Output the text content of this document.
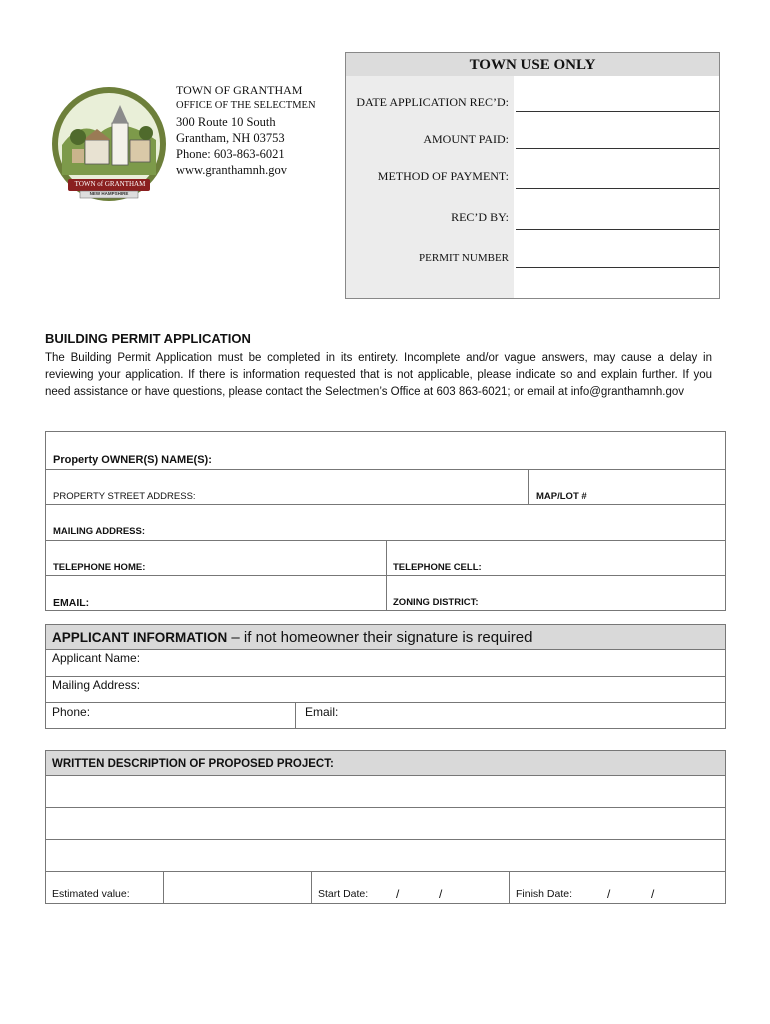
TOWN of GRANTHAM
NEW HAMPSHIRE
TOWN OF GRANTHAM
OFFICE OF THE SELECTMEN
300 Route 10 South
Grantham, NH 03753
Phone: 603-863-6021
www.granthamnh.gov
TOWN USE ONLY
DATE APPLICATION REC’D:
AMOUNT PAID:
METHOD OF PAYMENT:
REC’D BY:
PERMIT NUMBER
BUILDING PERMIT APPLICATION
The Building Permit Application must be completed in its entirety. Incomplete and/or vague answers, may cause a delay in reviewing your application. If there is information requested that is not applicable, please indicate so and explain further. If you need assistance or have questions, please contact the Selectmen’s Office at 603 863-6021; or email at info@granthamnh.gov
Property OWNER(S) NAME(S):
PROPERTY STREET ADDRESS:	MAP/LOT #
MAILING ADDRESS:
TELEPHONE HOME:	TELEPHONE CELL:
EMAIL:	ZONING DISTRICT:
APPLICANT INFORMATION – if not homeowner their signature is required
Applicant Name:
Mailing Address:
Phone:	Email:
WRITTEN DESCRIPTION OF PROPOSED PROJECT:
Estimated value:	Start Date: /	/	Finish Date:	/	/
